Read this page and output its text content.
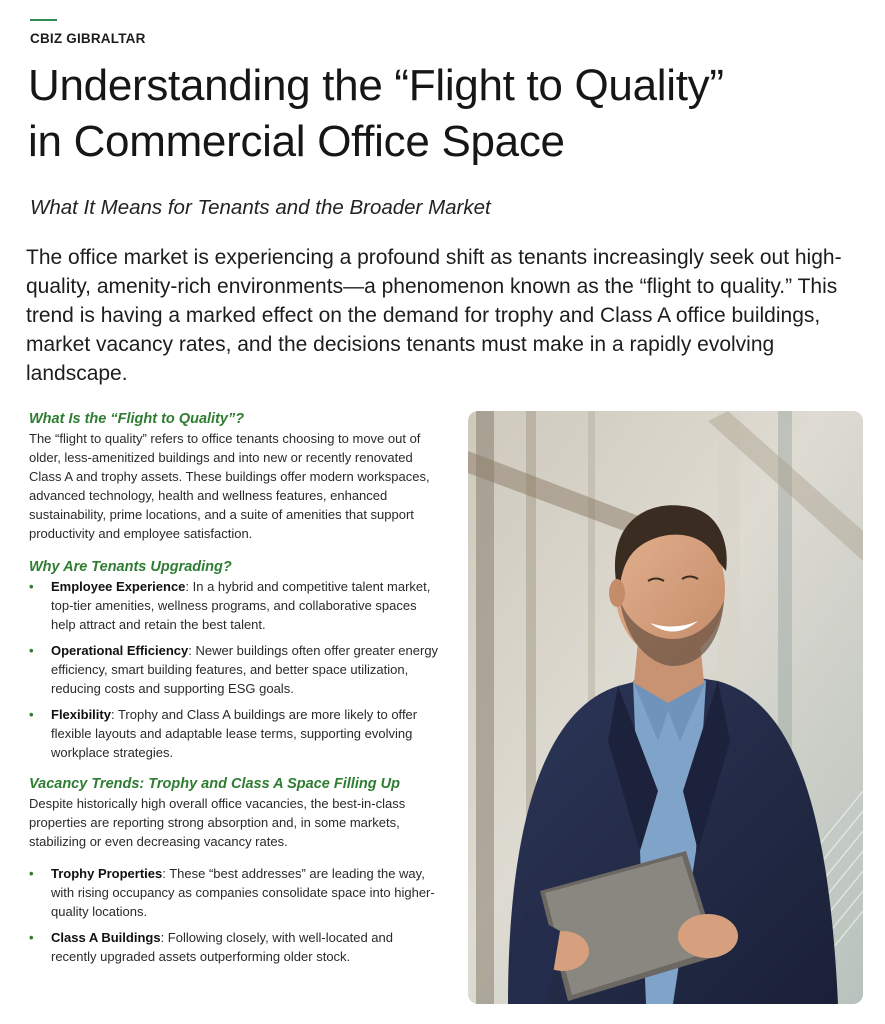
CBIZ GIBRALTAR
Understanding the “Flight to Quality”
in Commercial Office Space

What It Means for Tenants and the Broader Market

The office market is experiencing a profound shift as tenants increasingly seek out high-quality, amenity-rich environments—a phenomenon known as the “flight to quality.” This trend is having a marked effect on the demand for trophy and Class A office buildings, market vacancy rates, and the decisions tenants must make in a rapidly evolving landscape.

What Is the “Flight to Quality”?

The “flight to quality” refers to office tenants choosing to move out of older, less-amenitized buildings and into new or recently renovated Class A and trophy assets. These buildings offer modern workspaces, advanced technology, health and wellness features, enhanced sustainability, prime locations, and a suite of amenities that support productivity and employee satisfaction.

Why Are Tenants Upgrading?
• Employee Experience: In a hybrid and competitive talent market, top-tier amenities, wellness programs, and collaborative spaces help attract and retain the best talent.
• Operational Efficiency: Newer buildings often offer greater energy efficiency, smart building features, and better space utilization, reducing costs and supporting ESG goals.
• Flexibility: Trophy and Class A buildings are more likely to offer flexible layouts and adaptable lease terms, supporting evolving workplace strategies.
Vacancy Trends: Trophy and Class A Space Filling Up

Despite historically high overall office vacancies, the best-in-class properties are reporting strong absorption and, in some markets, stabilizing or even decreasing vacancy rates.

• Trophy Properties: These “best addresses” are leading the way, with rising occupancy as companies consolidate space into higher-quality locations.
• Class A Buildings: Following closely, with well-located and recently upgraded assets outperforming older stock.
